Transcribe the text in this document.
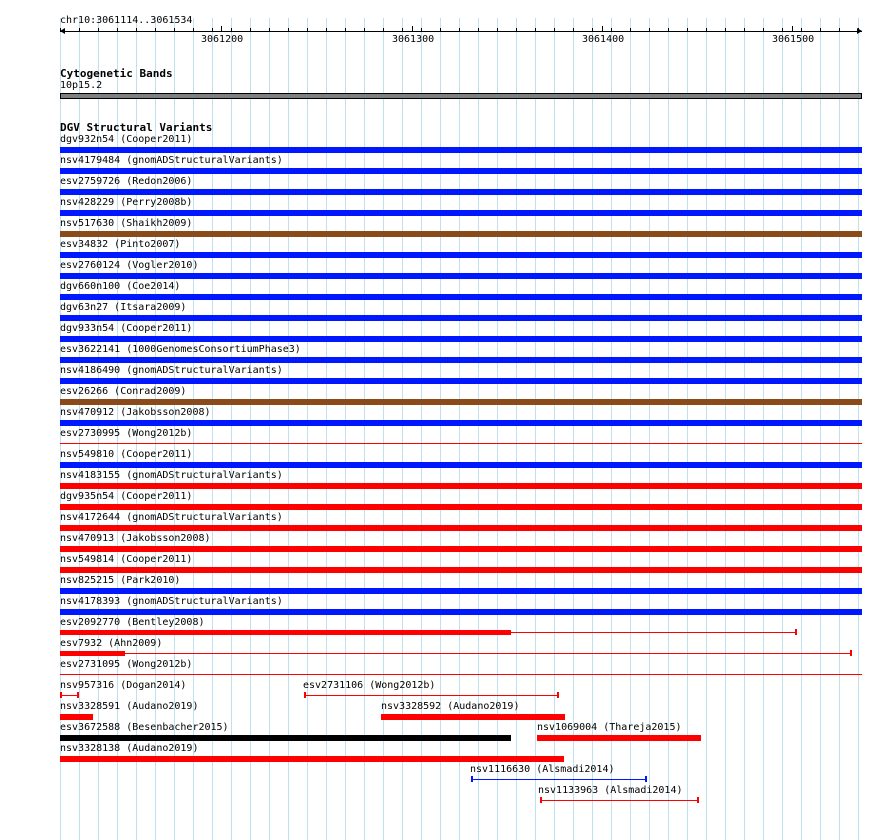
chr10:3061114..3061534
3061200	3061300	3061400	3061500
Cytogenetic Bands
10p15.2
DGV Structural Variants
dgv932n54 (Cooper2011)
nsv4179484 (gnomADStructuralVariants)
esv2759726 (Redon2006)
nsv428229 (Perry2008b)
nsv517630 (Shaikh2009)
esv34832 (Pinto2007)
esv2760124 (Vogler2010)
dgv660n100 (Coe2014)
dgv63n27 (Itsara2009)
dgv933n54 (Cooper2011)
esv3622141 (1000GenomesConsortiumPhase3)
nsv4186490 (gnomADStructuralVariants)
esv26266 (Conrad2009)
nsv470912 (Jakobsson2008)
esv2730995 (Wong2012b)
nsv549810 (Cooper2011)
nsv4183155 (gnomADStructuralVariants)
dgv935n54 (Cooper2011)
nsv4172644 (gnomADStructuralVariants)
nsv470913 (Jakobsson2008)
nsv549814 (Cooper2011)
nsv825215 (Park2010)
nsv4178393 (gnomADStructuralVariants)
esv2092770 (Bentley2008)
esv7932 (Ahn2009)
esv2731095 (Wong2012b)
nsv957316 (Dogan2014)	esv2731106 (Wong2012b)
nsv3328591 (Audano2019)	nsv3328592 (Audano2019)
esv3672588 (Besenbacher2015)	nsv1069004 (Thareja2015)
nsv3328138 (Audano2019)
nsv1116630 (Alsmadi2014)
nsv1133963 (Alsmadi2014)
